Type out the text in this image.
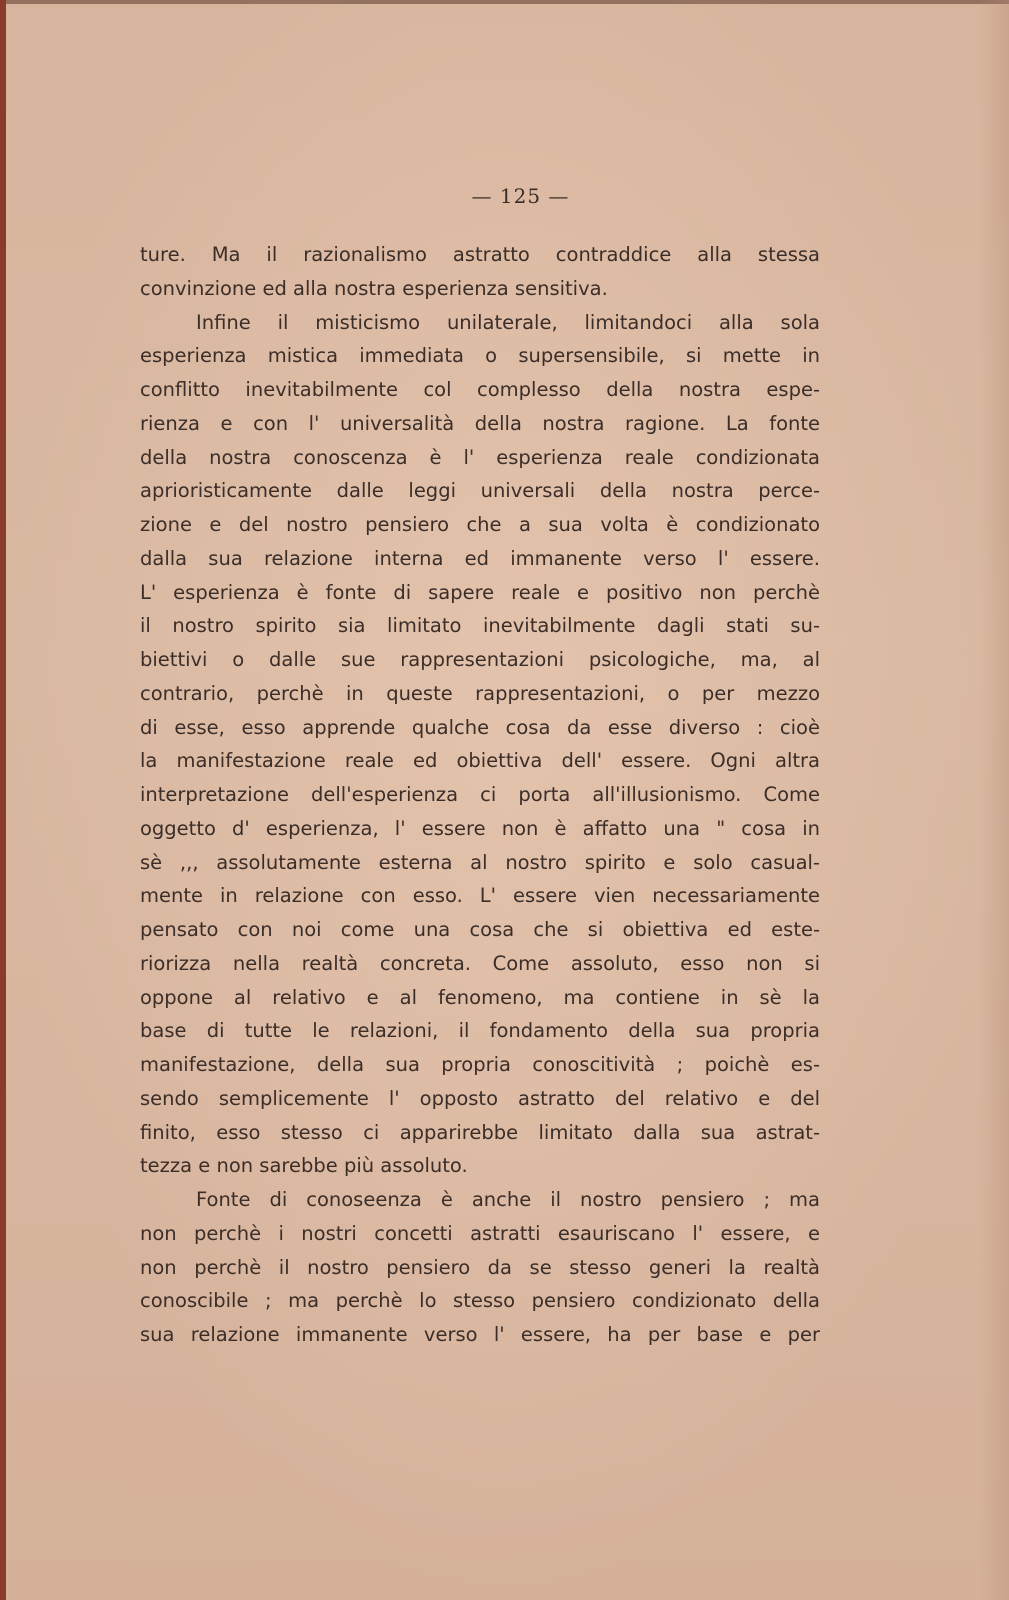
— 125 —
ture. Ma il razionalismo astratto contraddice alla stessa
convinzione ed alla nostra esperienza sensitiva.
Infine il misticismo unilaterale, limitandoci alla sola
esperienza mistica immediata o supersensibile, si mette in
conflitto inevitabilmente col complesso della nostra espe-
rienza e con l' universalità della nostra ragione. La fonte
della nostra conoscenza è l' esperienza reale condizionata
aprioristicamente dalle leggi universali della nostra perce-
zione e del nostro pensiero che a sua volta è condizionato
dalla sua relazione interna ed immanente verso l' essere.
L' esperienza è fonte di sapere reale e positivo non perchè
il nostro spirito sia limitato inevitabilmente dagli stati su-
biettivi o dalle sue rappresentazioni psicologiche, ma, al
contrario, perchè in queste rappresentazioni, o per mezzo
di esse, esso apprende qualche cosa da esse diverso : cioè
la manifestazione reale ed obiettiva dell' essere. Ogni altra
interpretazione dell'esperienza ci porta all'illusionismo. Come
oggetto d' esperienza, l' essere non è affatto una " cosa in
sè ,,, assolutamente esterna al nostro spirito e solo casual-
mente in relazione con esso. L' essere vien necessariamente
pensato con noi come una cosa che si obiettiva ed este-
riorizza nella realtà concreta. Come assoluto, esso non si
oppone al relativo e al fenomeno, ma contiene in sè la
base di tutte le relazioni, il fondamento della sua propria
manifestazione, della sua propria conoscitività ; poichè es-
sendo semplicemente l' opposto astratto del relativo e del
finito, esso stesso ci apparirebbe limitato dalla sua astrat-
tezza e non sarebbe più assoluto.
Fonte di conoseenza è anche il nostro pensiero ; ma
non perchè i nostri concetti astratti esauriscano l' essere, e
non perchè il nostro pensiero da se stesso generi la realtà
conoscibile ; ma perchè lo stesso pensiero condizionato della
sua relazione immanente verso l' essere, ha per base e per
